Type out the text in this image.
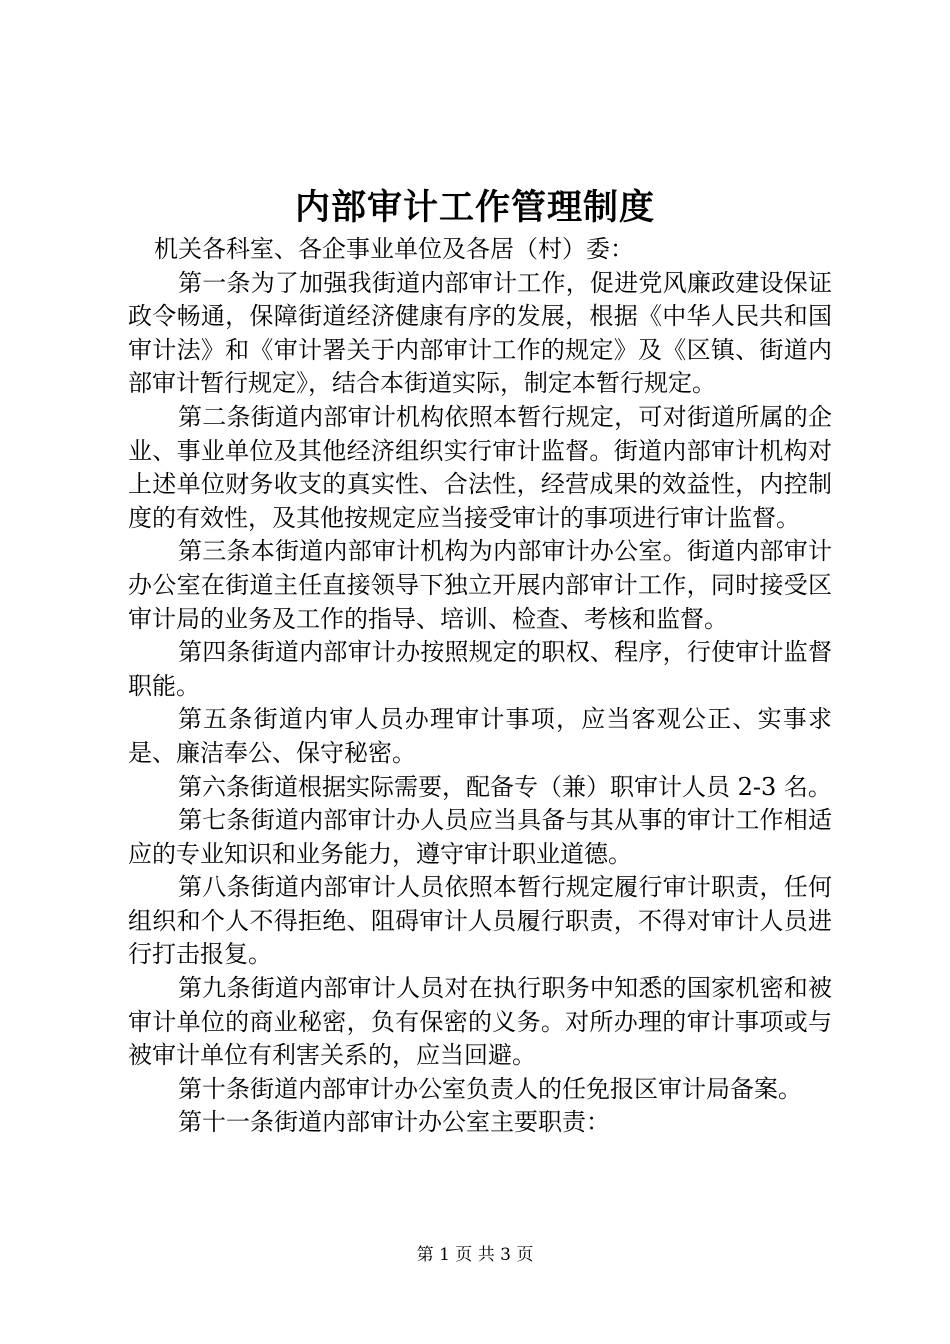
内部审计工作管理制度

机关各科室、各企事业单位及各居（村）委：

第一条为了加强我街道内部审计工作，促进党风廉政建设保证政令畅通，保障街道经济健康有序的发展，根据《中华人民共和国审计法》和《审计署关于内部审计工作的规定》及《区镇、街道内部审计暂行规定》，结合本街道实际，制定本暂行规定。

第二条街道内部审计机构依照本暂行规定，可对街道所属的企业、事业单位及其他经济组织实行审计监督。街道内部审计机构对上述单位财务收支的真实性、合法性，经营成果的效益性，内控制度的有效性，及其他按规定应当接受审计的事项进行审计监督。

第三条本街道内部审计机构为内部审计办公室。街道内部审计办公室在街道主任直接领导下独立开展内部审计工作，同时接受区审计局的业务及工作的指导、培训、检查、考核和监督。

第四条街道内部审计办按照规定的职权、程序，行使审计监督职能。

第五条街道内审人员办理审计事项，应当客观公正、实事求是、廉洁奉公、保守秘密。

第六条街道根据实际需要，配备专（兼）职审计人员 2-3 名。

第七条街道内部审计办人员应当具备与其从事的审计工作相适应的专业知识和业务能力，遵守审计职业道德。

第八条街道内部审计人员依照本暂行规定履行审计职责，任何组织和个人不得拒绝、阻碍审计人员履行职责，不得对审计人员进行打击报复。

第九条街道内部审计人员对在执行职务中知悉的国家机密和被审计单位的商业秘密，负有保密的义务。对所办理的审计事项或与被审计单位有利害关系的，应当回避。

第十条街道内部审计办公室负责人的任免报区审计局备案。

第十一条街道内部审计办公室主要职责：

第 1 页 共 3 页
